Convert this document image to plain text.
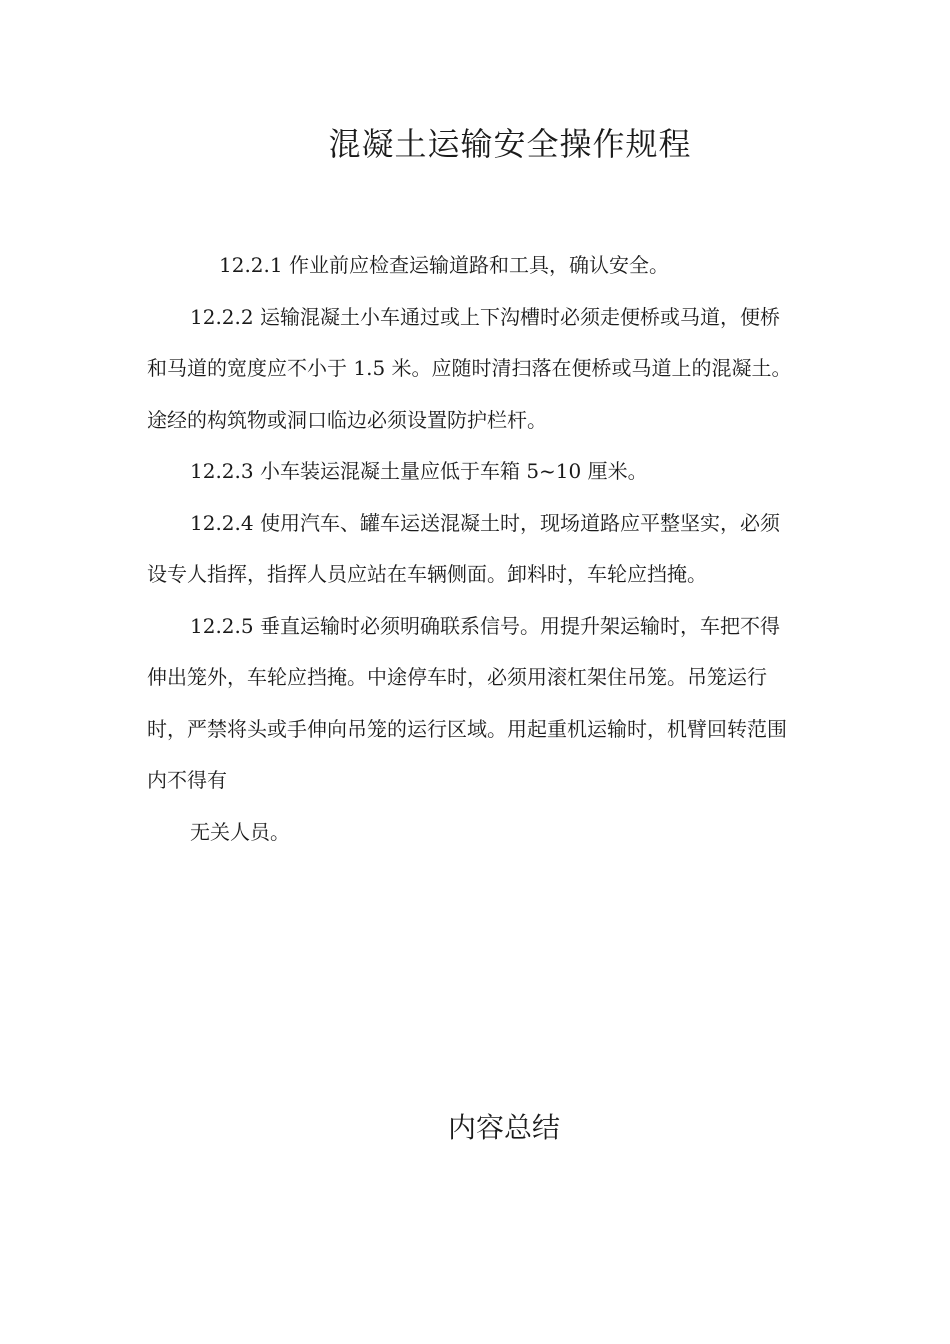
混凝土运输安全操作规程

12.2.1 作业前应检查运输道路和工具，确认安全。

12.2.2 运输混凝土小车通过或上下沟槽时必须走便桥或马道，便桥和马道的宽度应不小于 1.5 米。应随时清扫落在便桥或马道上的混凝土。途经的构筑物或洞口临边必须设置防护栏杆。

12.2.3 小车装运混凝土量应低于车箱 5~10 厘米。

12.2.4 使用汽车、罐车运送混凝土时，现场道路应平整坚实，必须设专人指挥，指挥人员应站在车辆侧面。卸料时，车轮应挡掩。

12.2.5 垂直运输时必须明确联系信号。用提升架运输时，车把不得伸出笼外，车轮应挡掩。中途停车时，必须用滚杠架住吊笼。吊笼运行时，严禁将头或手伸向吊笼的运行区域。用起重机运输时，机臂回转范围内不得有

无关人员。

内容总结
